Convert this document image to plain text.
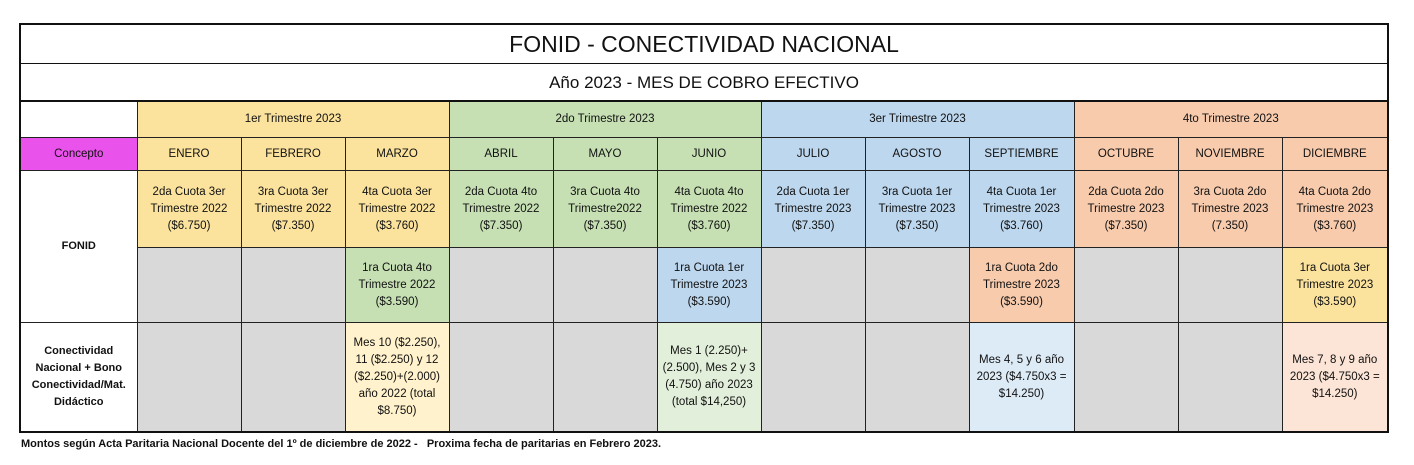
FONID - CONECTIVIDAD NACIONAL												
Año 2023 - MES DE COBRO EFECTIVO												
	1er Trimestre 2023			2do Trimestre 2023			3er Trimestre 2023			4to Trimestre 2023		
Concepto	ENERO	FEBRERO	MARZO	ABRIL	MAYO	JUNIO	JULIO	AGOSTO	SEPTIEMBRE	OCTUBRE	NOVIEMBRE	DICIEMBRE
FONID	2da Cuota 3er Trimestre 2022 ($6.750)	3ra Cuota 3er Trimestre 2022 ($7.350)	4ta Cuota 3er Trimestre 2022 ($3.760)	2da Cuota 4to Trimestre 2022 ($7.350)	3ra Cuota 4to Trimestre2022 ($7.350)	4ta Cuota 4to Trimestre 2022 ($3.760)	2da Cuota 1er Trimestre 2023 ($7.350)	3ra Cuota 1er Trimestre 2023 ($7.350)	4ta Cuota 1er Trimestre 2023 ($3.760)	2da Cuota 2do Trimestre 2023 ($7.350)	3ra Cuota 2do Trimestre 2023 (7.350)	4ta Cuota 2do Trimestre 2023 ($3.760)
			1ra Cuota 4to Trimestre 2022 ($3.590)			1ra Cuota 1er Trimestre 2023 ($3.590)			1ra Cuota 2do Trimestre 2023 ($3.590)			1ra Cuota 3er Trimestre 2023 ($3.590)
Conectividad Nacional + Bono Conectividad/Mat. Didáctico			Mes 10 ($2.250), 11 ($2.250) y 12 ($2.250)+(2.000) año 2022 (total $8.750)			Mes 1 (2.250)+(2.500), Mes 2 y 3 (4.750) año 2023 (total $14,250)			Mes 4, 5 y 6 año 2023 ($4.750x3 = $14.250)			Mes 7, 8 y 9 año 2023 ($4.750x3 = $14.250)
Montos según Acta Paritaria Nacional Docente del 1º de diciembre de 2022 -   Proxima fecha de paritarias en Febrero 2023.
